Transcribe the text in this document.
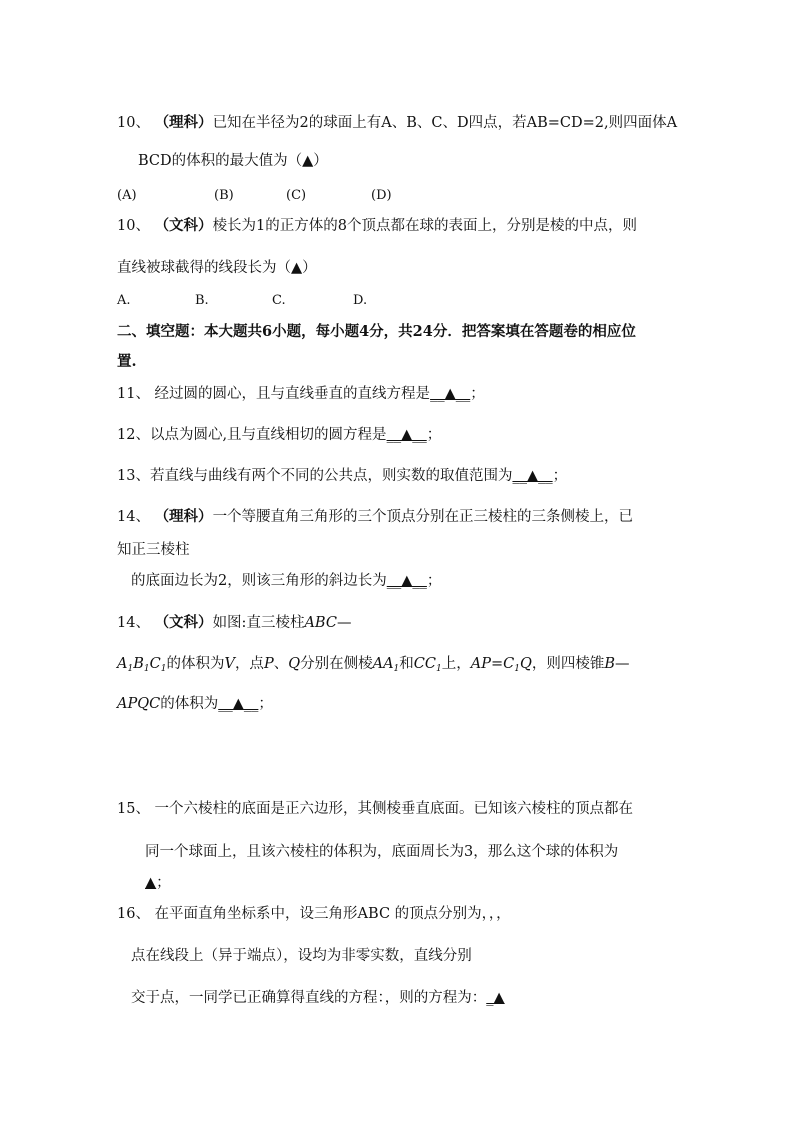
10、 （理科）已知在半径为2的球面上有A、B、C、D四点，若AB=CD=2,则四面体A
BCD的体积的最大值为（▲）
(A)	(B)	(C)	(D)
10、 （文科）棱长为1的正方体的8个顶点都在球的表面上，分别是棱的中点，则
直线被球截得的线段长为（▲）
A.	B.	C.	D.
二、填空题：本大题共6小题，每小题4分，共24分．把答案填在答题卷的相应位
置.
11、 经过圆的圆心，且与直线垂直的直线方程是__▲__；
12、以点为圆心,且与直线相切的圆方程是__▲__；
13、若直线与曲线有两个不同的公共点，则实数的取值范围为__▲__；
14、 （理科）一个等腰直角三角形的三个顶点分别在正三棱柱的三条侧棱上，已
知正三棱柱
的底面边长为2，则该三角形的斜边长为__▲__；
14、 （文科）如图:直三棱柱ABC—
$A_1B_1C_1$的体积为V，点P、Q分别在侧棱$AA_1$和$CC_1$上，$AP=C_1Q$，则四棱锥B—
APQC的体积为__▲__；
15、 一个六棱柱的底面是正六边形，其侧棱垂直底面。已知该六棱柱的顶点都在
同一个球面上，且该六棱柱的体积为，底面周长为3，那么这个球的体积为
▲；
16、 在平面直角坐标系中，设三角形ABC 的顶点分别为，，，
点在线段上（异于端点），设均为非零实数，直线分别
交于点，一同学已正确算得直线的方程：，则的方程为：_▲
